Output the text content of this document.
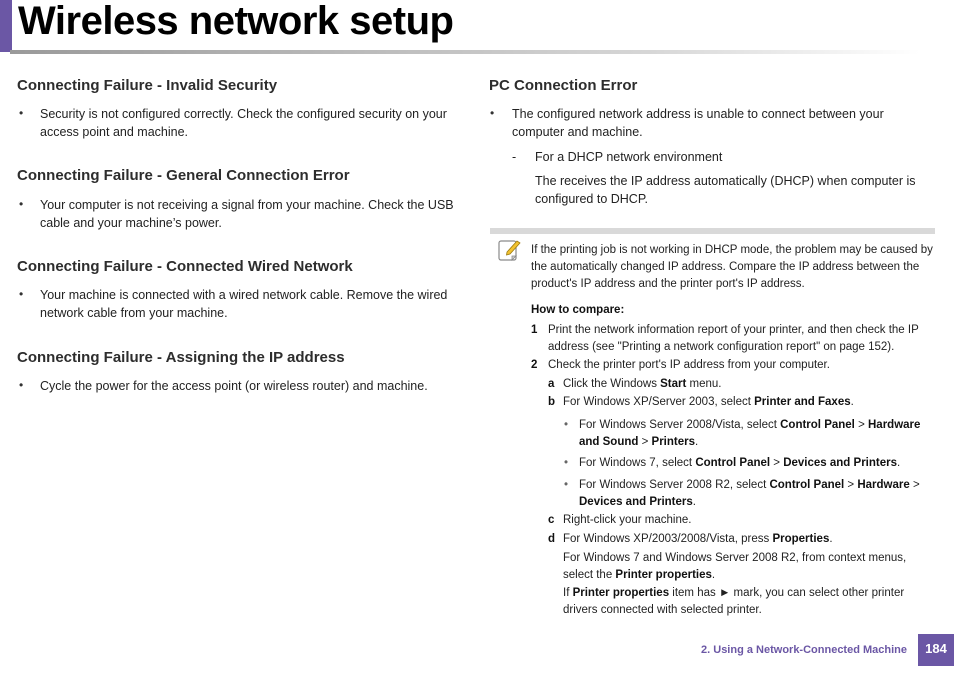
Wireless network setup
Connecting Failure - Invalid Security
• Security is not configured correctly. Check the configured security on your access point and machine.
Connecting Failure - General Connection Error
• Your computer is not receiving a signal from your machine. Check the USB cable and your machine’s power.
Connecting Failure - Connected Wired Network
• Your machine is connected with a wired network cable. Remove the wired network cable from your machine.
Connecting Failure - Assigning the IP address
• Cycle the power for the access point (or wireless router) and machine.
PC Connection Error
• The configured network address is unable to connect between your computer and machine.
- For a DHCP network environment
The receives the IP address automatically (DHCP) when computer is configured to DHCP.
If the printing job is not working in DHCP mode, the problem may be caused by the automatically changed IP address. Compare the IP address between the product's IP address and the printer port's IP address.
How to compare:
1 Print the network information report of your printer, and then check the IP address (see "Printing a network configuration report" on page 152).
2 Check the printer port's IP address from your computer.
a Click the Windows Start menu.
b For Windows XP/Server 2003, select Printer and Faxes.
• For Windows Server 2008/Vista, select Control Panel > Hardware and Sound > Printers.
• For Windows 7, select Control Panel > Devices and Printers.
• For Windows Server 2008 R2, select Control Panel > Hardware > Devices and Printers.
c Right-click your machine.
d For Windows XP/2003/2008/Vista, press Properties.
For Windows 7 and Windows Server 2008 R2, from context menus, select the Printer properties.
If Printer properties item has ► mark, you can select other printer drivers connected with selected printer.
2. Using a Network-Connected Machine	184
